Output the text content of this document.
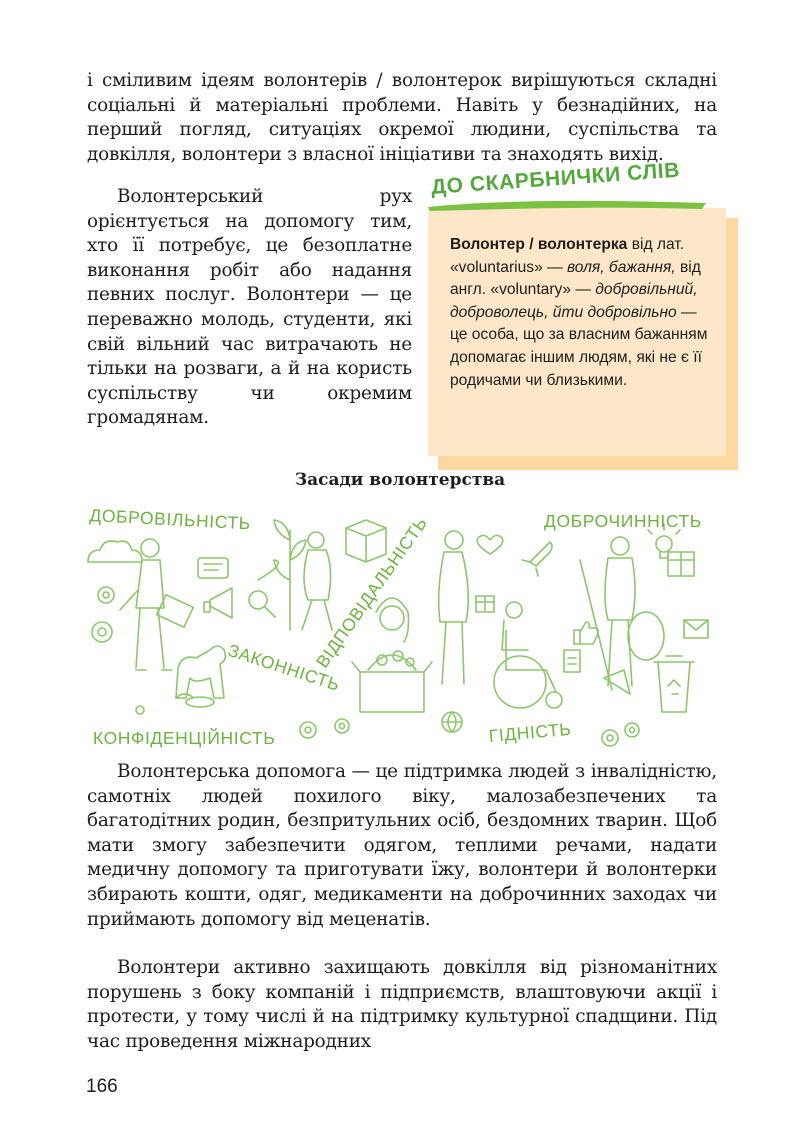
і сміливим ідеям волонтерів / волонтерок вирішуються складні соціальні й матеріальні проблеми. Навіть у безнадійних, на перший погляд, ситуаціях окремої людини, суспільства та довкілля, волонтери з власної ініціативи та знаходять вихід.

Волонтерський рух орієнтується на допомогу тим, хто її потребує, це безоплатне виконання робіт або надання певних послуг. Волонтери — це переважно молодь, студенти, які свій вільний час витрачають не тільки на розваги, а й на користь суспільству чи окремим громадянам.

Волонтер / волонтерка від лат. «voluntarius» — воля, бажання, від англ. «voluntary» — добровільний, доброволець, йти добровільно — це особа, що за власним бажанням допомагає іншим людям, які не є її родичами чи близькими.
ДО СКАРБНИЧКИ СЛІВ
Засади волонтерства
ДОБРОВІЛЬНІСТЬ	ДОБРОЧИННІСТЬ
ВІДПОВІДАЛЬНІСТЬ
ЗАКОННІСТЬ
КОНФІДЕНЦІЙНІСТЬ	ГІДНІСТЬ

Волонтерська допомога — це підтримка людей з інвалідністю, самотніх людей похилого віку, малозабезпечених та багатодітних родин, безпритульних осіб, бездомних тварин. Щоб мати змогу забезпечити одягом, теплими речами, надати медичну допомогу та приготувати їжу, волонтери й волонтерки збирають кошти, одяг, медикаменти на доброчинних заходах чи приймають допомогу від меценатів.

Волонтери активно захищають довкілля від різноманітних порушень з боку компаній і підприємств, влаштовуючи акції і протести, у тому числі й на підтримку культурної спадщини. Під час проведення міжнародних

166
